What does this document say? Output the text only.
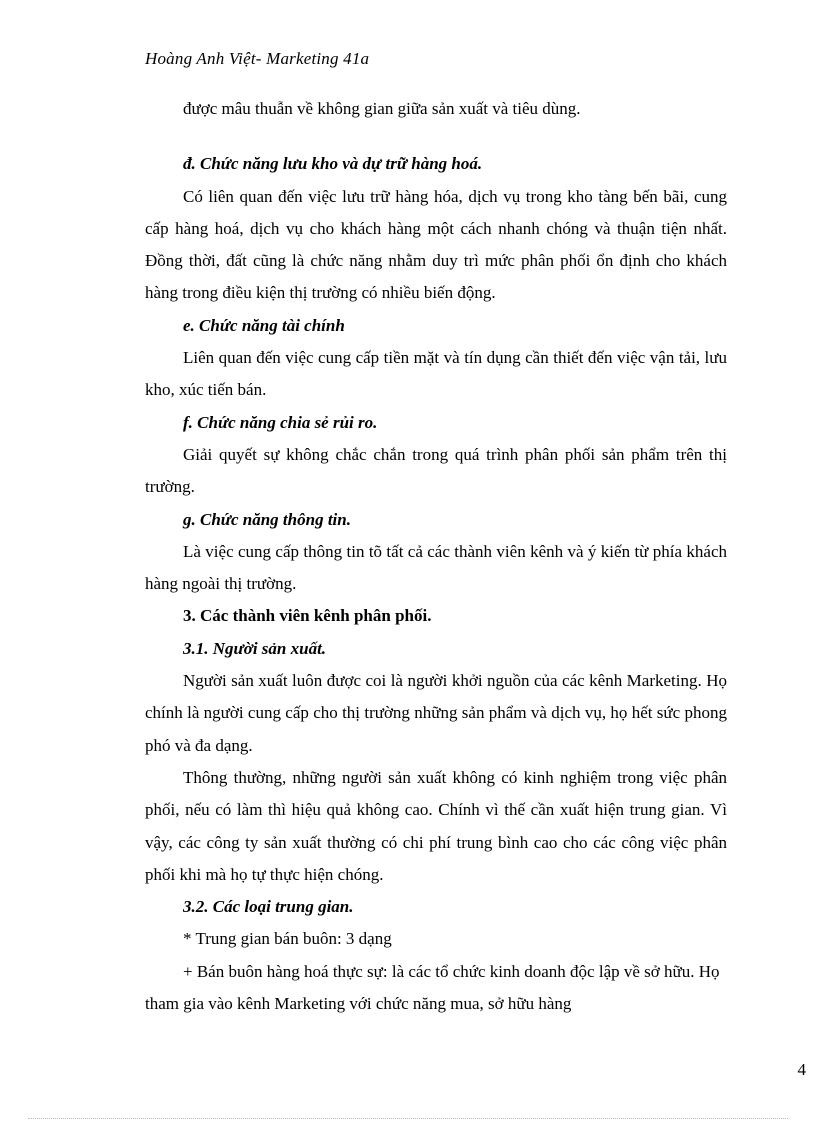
Hoàng Anh Việt- Marketing 41a

được mâu thuẫn về không gian giữa sản xuất và tiêu dùng.

đ. Chức năng lưu kho và dự trữ hàng hoá.

Có liên quan đến việc lưu trữ hàng hóa, dịch vụ trong kho tàng bến bãi, cung cấp hàng hoá, dịch vụ cho khách hàng một cách nhanh chóng và thuận tiện nhất. Đồng thời, đất cũng là chức năng nhằm duy trì mức phân phối ổn định cho khách hàng trong điều kiện thị trường có nhiều biến động.

e. Chức năng tài chính

Liên quan đến việc cung cấp tiền mặt và tín dụng cần thiết đến việc vận tải, lưu kho, xúc tiến bán.

f. Chức năng chia sẻ rủi ro.

Giải quyết sự không chắc chắn trong quá trình phân phối sản phẩm trên thị trường.

g. Chức năng thông tin.

Là việc cung cấp thông tin tõ tất cả các thành viên kênh và ý kiến từ phía khách hàng ngoài thị trường.

3. Các thành viên kênh phân phối.

3.1. Người sản xuất.

Người sản xuất luôn được coi là người khởi nguồn của các kênh Marketing. Họ chính là người cung cấp cho thị trường những sản phẩm và dịch vụ, họ hết sức phong phó và đa dạng.

Thông thường, những người sản xuất không có kinh nghiệm trong việc phân phối, nếu có làm thì hiệu quả không cao. Chính vì thế cần xuất hiện trung gian. Vì vậy, các công ty sản xuất thường có chi phí trung bình cao cho các công việc phân phối khi mà họ tự thực hiện chóng.

3.2. Các loại trung gian.

* Trung gian bán buôn: 3 dạng

+ Bán buôn hàng hoá thực sự: là các tổ chức kinh doanh độc lập về sở hữu. Họ tham gia vào kênh Marketing với chức năng mua, sở hữu hàng

4
